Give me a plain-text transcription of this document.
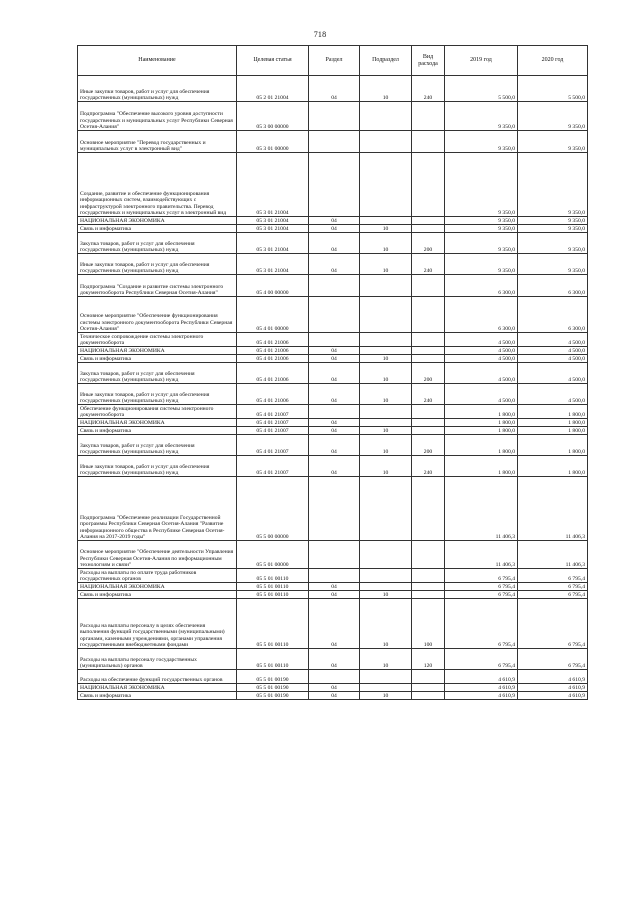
718
Наименование	Целевая статья	Раздел	Подраздел	Вид расхода	2019 год	2020 год
Иные закупки товаров, работ и услуг для обеспечения государственных (муниципальных) нужд	05 2 01 21004	04	10	240	5 500,0	5 500,0
Подпрограмма "Обеспечение высокого уровня доступности государственных и муниципальных услуг Республики Северная Осетия-Алания"	05 3 00 00000				9 350,0	9 350,0
Основное мероприятие "Перевод государственных и муниципальных услуг в электронный вид"	05 3 01 00000				9 350,0	9 350,0
Создание, развитие и обеспечение функционирования информационных систем, взаимодействующих с инфраструктурой электронного правительства. Перевод государственных и муниципальных услуг в электронный вид	05 3 01 21004				9 350,0	9 350,0
НАЦИОНАЛЬНАЯ ЭКОНОМИКА	05 3 01 21004	04			9 350,0	9 350,0
Связь и информатика	05 3 01 21004	04	10		9 350,0	9 350,0
Закупка товаров, работ и услуг для обеспечения государственных (муниципальных) нужд	05 3 01 21004	04	10	200	9 350,0	9 350,0
Иные закупки товаров, работ и услуг для обеспечения государственных (муниципальных) нужд	05 3 01 21004	04	10	240	9 350,0	9 350,0
Подпрограмма "Создание и развитие системы электронного документооборота Республики Северная Осетия-Алания"	05 4 00 00000				6 300,0	6 300,0
Основное мероприятие "Обеспечение функционирования системы электронного документооборота Республики Северная Осетия-Алания"	05 4 01 00000				6 300,0	6 300,0
Техническое сопровождение системы электронного документооборота	05 4 01 21006				4 500,0	4 500,0
НАЦИОНАЛЬНАЯ ЭКОНОМИКА	05 4 01 21006	04			4 500,0	4 500,0
Связь и информатика	05 4 01 21006	04	10		4 500,0	4 500,0
Закупка товаров, работ и услуг для обеспечения государственных (муниципальных) нужд	05 4 01 21006	04	10	200	4 500,0	4 500,0
Иные закупки товаров, работ и услуг для обеспечения государственных (муниципальных) нужд	05 4 01 21006	04	10	240	4 500,0	4 500,0
Обеспечение функционирования системы электронного документооборота	05 4 01 21007				1 800,0	1 800,0
НАЦИОНАЛЬНАЯ ЭКОНОМИКА	05 4 01 21007	04			1 800,0	1 800,0
Связь и информатика	05 4 01 21007	04	10		1 800,0	1 800,0
Закупка товаров, работ и услуг для обеспечения государственных (муниципальных) нужд	05 4 01 21007	04	10	200	1 800,0	1 800,0
Иные закупки товаров, работ и услуг для обеспечения государственных (муниципальных) нужд	05 4 01 21007	04	10	240	1 800,0	1 800,0
Подпрограмма "Обеспечение реализации Государственной программы Республики Северная Осетия-Алания "Развитие информационного общества в Республике Северная Осетия-Алания на 2017-2019 годы"	05 5 00 00000				11 406,3	11 406,3
Основное мероприятие "Обеспечение деятельности Управления Республики Северная Осетия-Алания по информационным технологиям и связи"	05 5 01 00000				11 406,3	11 406,3
Расходы на выплаты по оплате труда работников государственных органов	05 5 01 00110				6 795,4	6 795,4
НАЦИОНАЛЬНАЯ ЭКОНОМИКА	05 5 01 00110	04			6 795,4	6 795,4
Связь и информатика	05 5 01 00110	04	10		6 795,4	6 795,4
Расходы на выплаты персоналу в целях обеспечения выполнения функций государственными (муниципальными) органами, казенными учреждениями, органами управления государственными внебюджетными фондами	05 5 01 00110	04	10	100	6 795,4	6 795,4
Расходы на выплаты персоналу государственных (муниципальных) органов	05 5 01 00110	04	10	120	6 795,4	6 795,4
Расходы на обеспечение функций государственных органов	05 5 01 00190				4 610,9	4 610,9
НАЦИОНАЛЬНАЯ ЭКОНОМИКА	05 5 01 00190	04			4 610,9	4 610,9
Связь и информатика	05 5 01 00190	04	10		4 610,9	4 610,9
